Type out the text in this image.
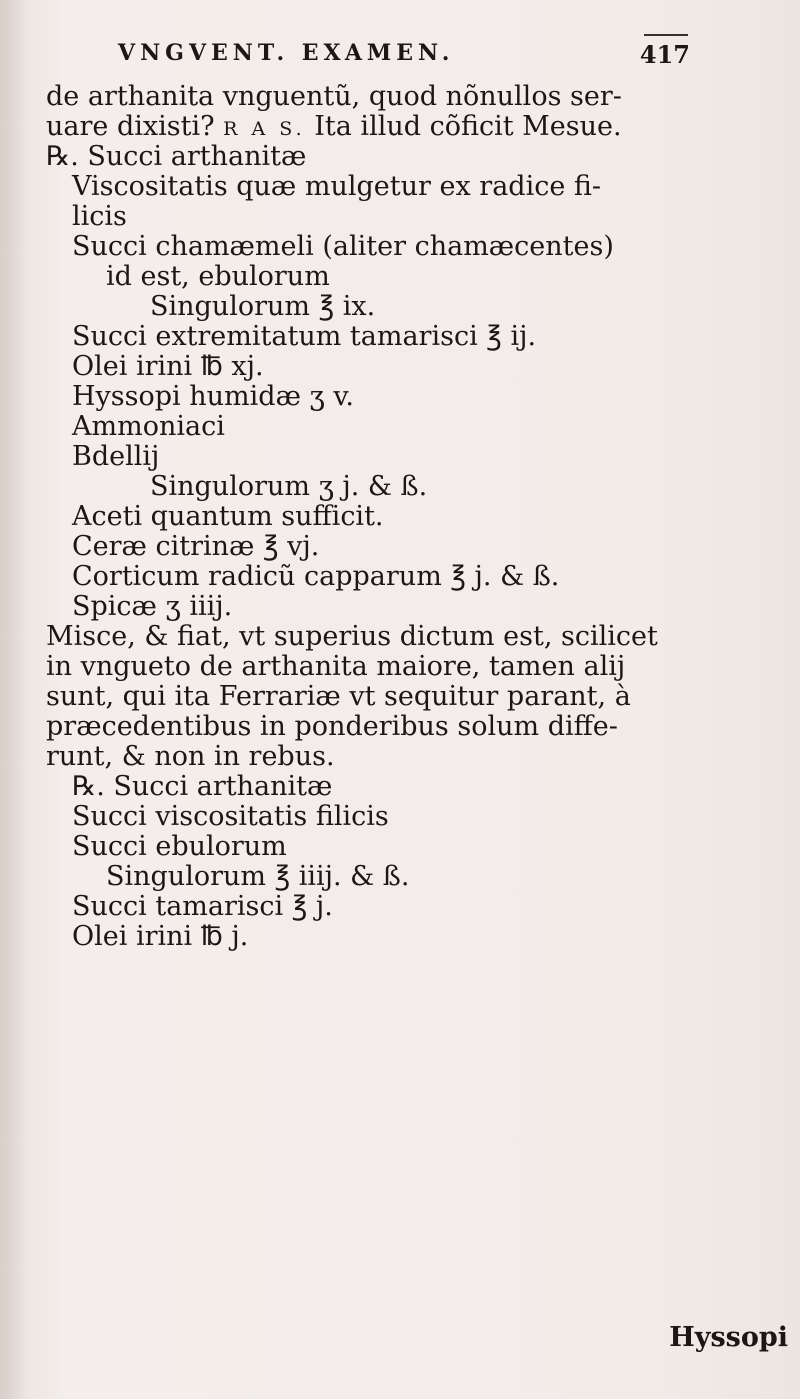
VNGVENT. EXAMEN.	417
de arthanita vnguentũ, quod nõnullos ser-
uare dixisti? R A S. Ita illud cõficit Mesue.
℞. Succi arthanitæ
Viscositatis quæ mulgetur ex radice fi-
licis
Succi chamæmeli (aliter chamæcentes)
id est, ebulorum
Singulorum ℥ ix.
Succi extremitatum tamarisci ℥ ij.
Olei irini ℔ xj.
Hyssopi humidæ ʒ v.
Ammoniaci
Bdellij
Singulorum ʒ j. & ß.
Aceti quantum sufficit.
Ceræ citrinæ ℥ vj.
Corticum radicũ capparum ℥ j. & ß.
Spicæ ʒ iiij.
Misce, & fiat, vt superius dictum est, scilicet
in vngueto de arthanita maiore, tamen alij
sunt, qui ita Ferrariæ vt sequitur parant, à
præcedentibus in ponderibus solum diffe-
runt, & non in rebus.
℞. Succi arthanitæ
Succi viscositatis filicis
Succi ebulorum
Singulorum ℥ iiij. & ß.
Succi tamarisci ℥ j.
Olei irini ℔ j.
Hyssopi
